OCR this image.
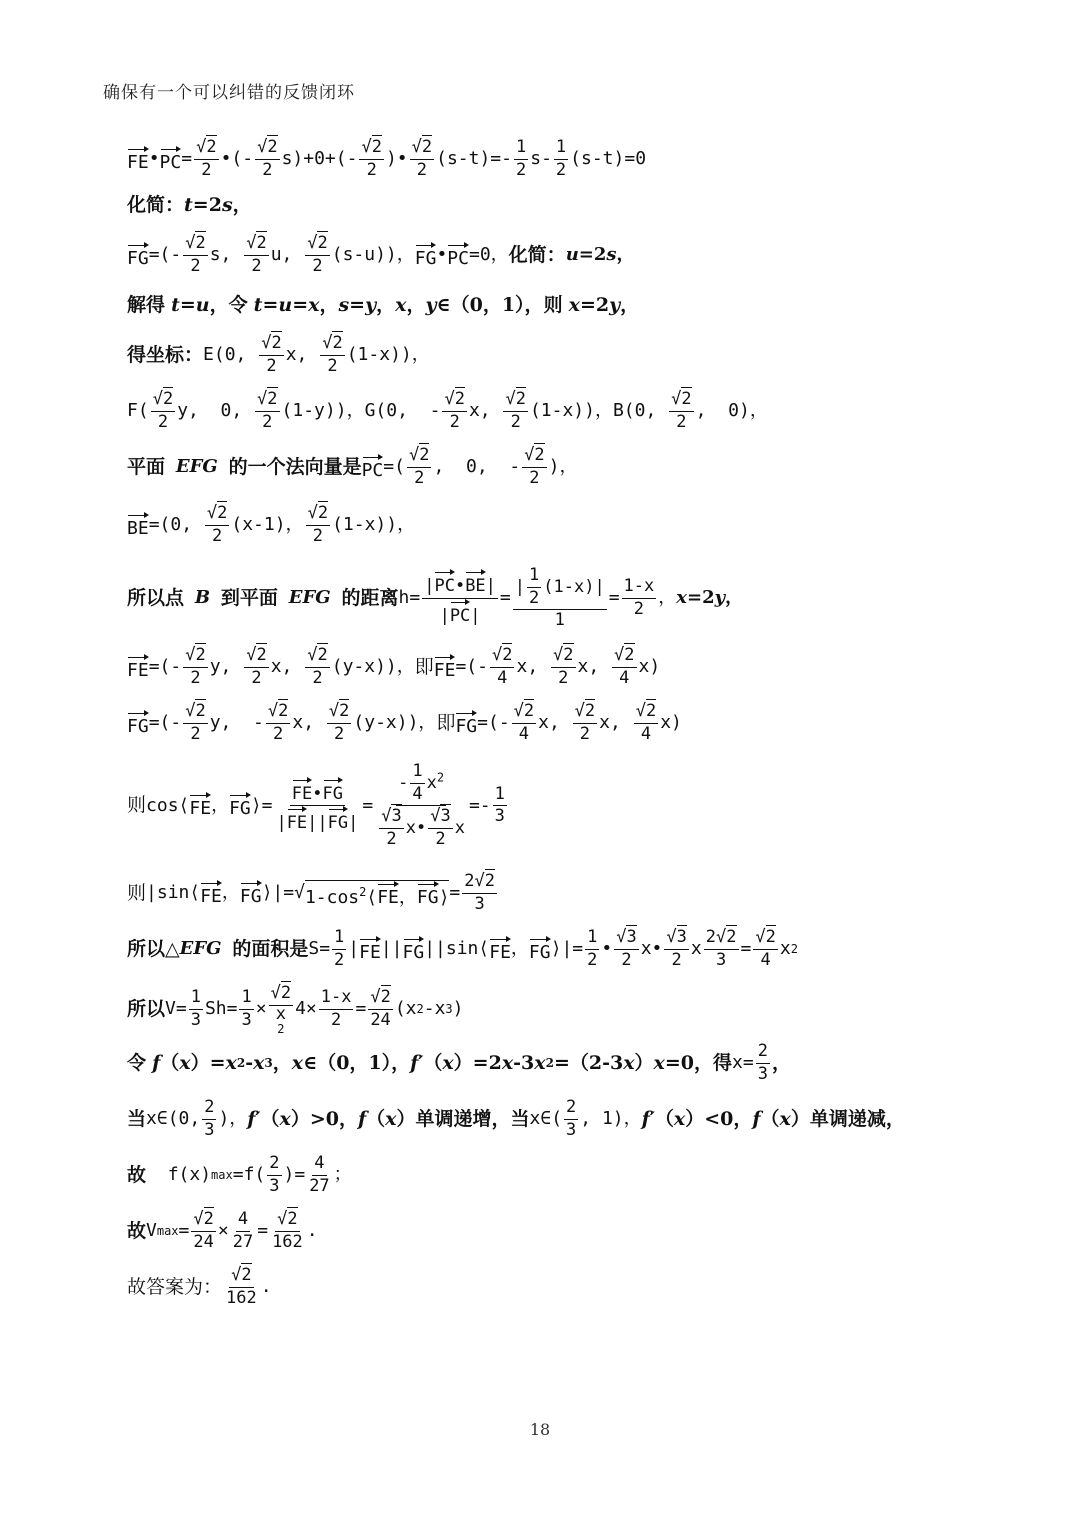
确保有一个可以纠错的反馈闭环
FE • PC = $\frac{√2}{2}$ •(- $\frac{√2}{2} s)+0+(- \frac{√2}{2}$ )• $\frac{√2}{2} (s-t)=- \frac{1}{2} s- \frac{1}{2} (s-t)=0$
化简： t =2 s ，
FG =(- $\frac{√2}{2} s$, $\frac{√2}{2} u$, $\frac{√2}{2} (s-u)$)， FG • PC =0， 化简： u =2 s ，
解得
t = u ， 令
t = u = x ， s = y ， x ， y ∈（0，1）， 则
x =2 y ，
得坐标： E(0, $\frac{√2}{2} x$, $\frac{√2}{2} (1-x)$)，
$F( \frac{√2}{2} y$,  0, $\frac{√2}{2} (1-y)$)，G(0,  - $\frac{√2}{2} x$, $\frac{√2}{2} (1-x)$)，B(0, $\frac{√2}{2}$ ,  0)，
平面
EFG
的一个法向量是 PC =( $\frac{√2}{2}$ ,  0,  - $\frac{√2}{2}$ )，
BE =(0, $\frac{√2}{2} (x-1)$， $\frac{√2}{2} (1-x)$)，
所以点
B
到平面
EFG
的距离 $h= \frac{|PC•BE|}{|PC|} = \frac{| \frac{1}{2} (1-x)|}{1} = \frac{1-x}{2}$ ， x =2 y ，
FE =(- $\frac{√2}{2} y$, $\frac{√2}{2} x$, $\frac{√2}{2} (y-x)$)， 即 FE =(- $\frac{√2}{4} x$, $\frac{√2}{2} x$, $\frac{√2}{4} x$)
FG =(- $\frac{√2}{2} y$,  - $\frac{√2}{2} x$, $\frac{√2}{2} (y-x)$)， 即 FG =(- $\frac{√2}{4} x$, $\frac{√2}{2} x$, $\frac{√2}{4} x$)
则 cos⟨ FE ， FG ⟩= $\frac{FE•FG}{|FE||FG|} = \frac{- \frac{1}{4} x^2}{\frac{√3}{2} x• \frac{√3}{2} x} =- \frac{1}{3}$
则 |sin⟨ FE ， FG ⟩|= √ $1-\cos^2⟨FE$，FG⟩ = $\frac{2√2}{3}$
所以△ EFG
的面积是 $S= \frac{1}{2}$ | FE || FG ||sin⟨ FE ， FG ⟩|= $\frac{1}{2}$ • $\frac{√3}{2}$ x• $\frac{√3}{2}$ x $\frac{2√2}{3} = \frac{√2}{4}$ x 2
所以 $V= \frac{1}{3} Sh= \frac{1}{3}$ ×
√2
x
2
$4 \times \frac{1-x}{2} = \frac{√2}{24} (x$ 2 -x 3 )
令
f （ x ）= x 2 - x 3 ， x ∈（0，1）， f′ （ x ）=2 x -3 x 2 =（2-3 x ） x =0， 得 $x= \frac{2}{3}$ ，
当 x∈(0, $\frac{2}{3}$ )， f′ （ x ）>0， f （ x ） 单调递增，当 x∈( $\frac{2}{3}$ , 1)， f′ （ x ）<0， f （ x ） 单调递减，
故 f(x) $\max =f( \frac{2}{3}$ )= $\frac{4}{27}$ ；
故 V $\max = \frac{√2}{24} \times \frac{4}{27} = \frac{√2}{162}$ .
故答案为： $\frac{√2}{162}$ .
18
